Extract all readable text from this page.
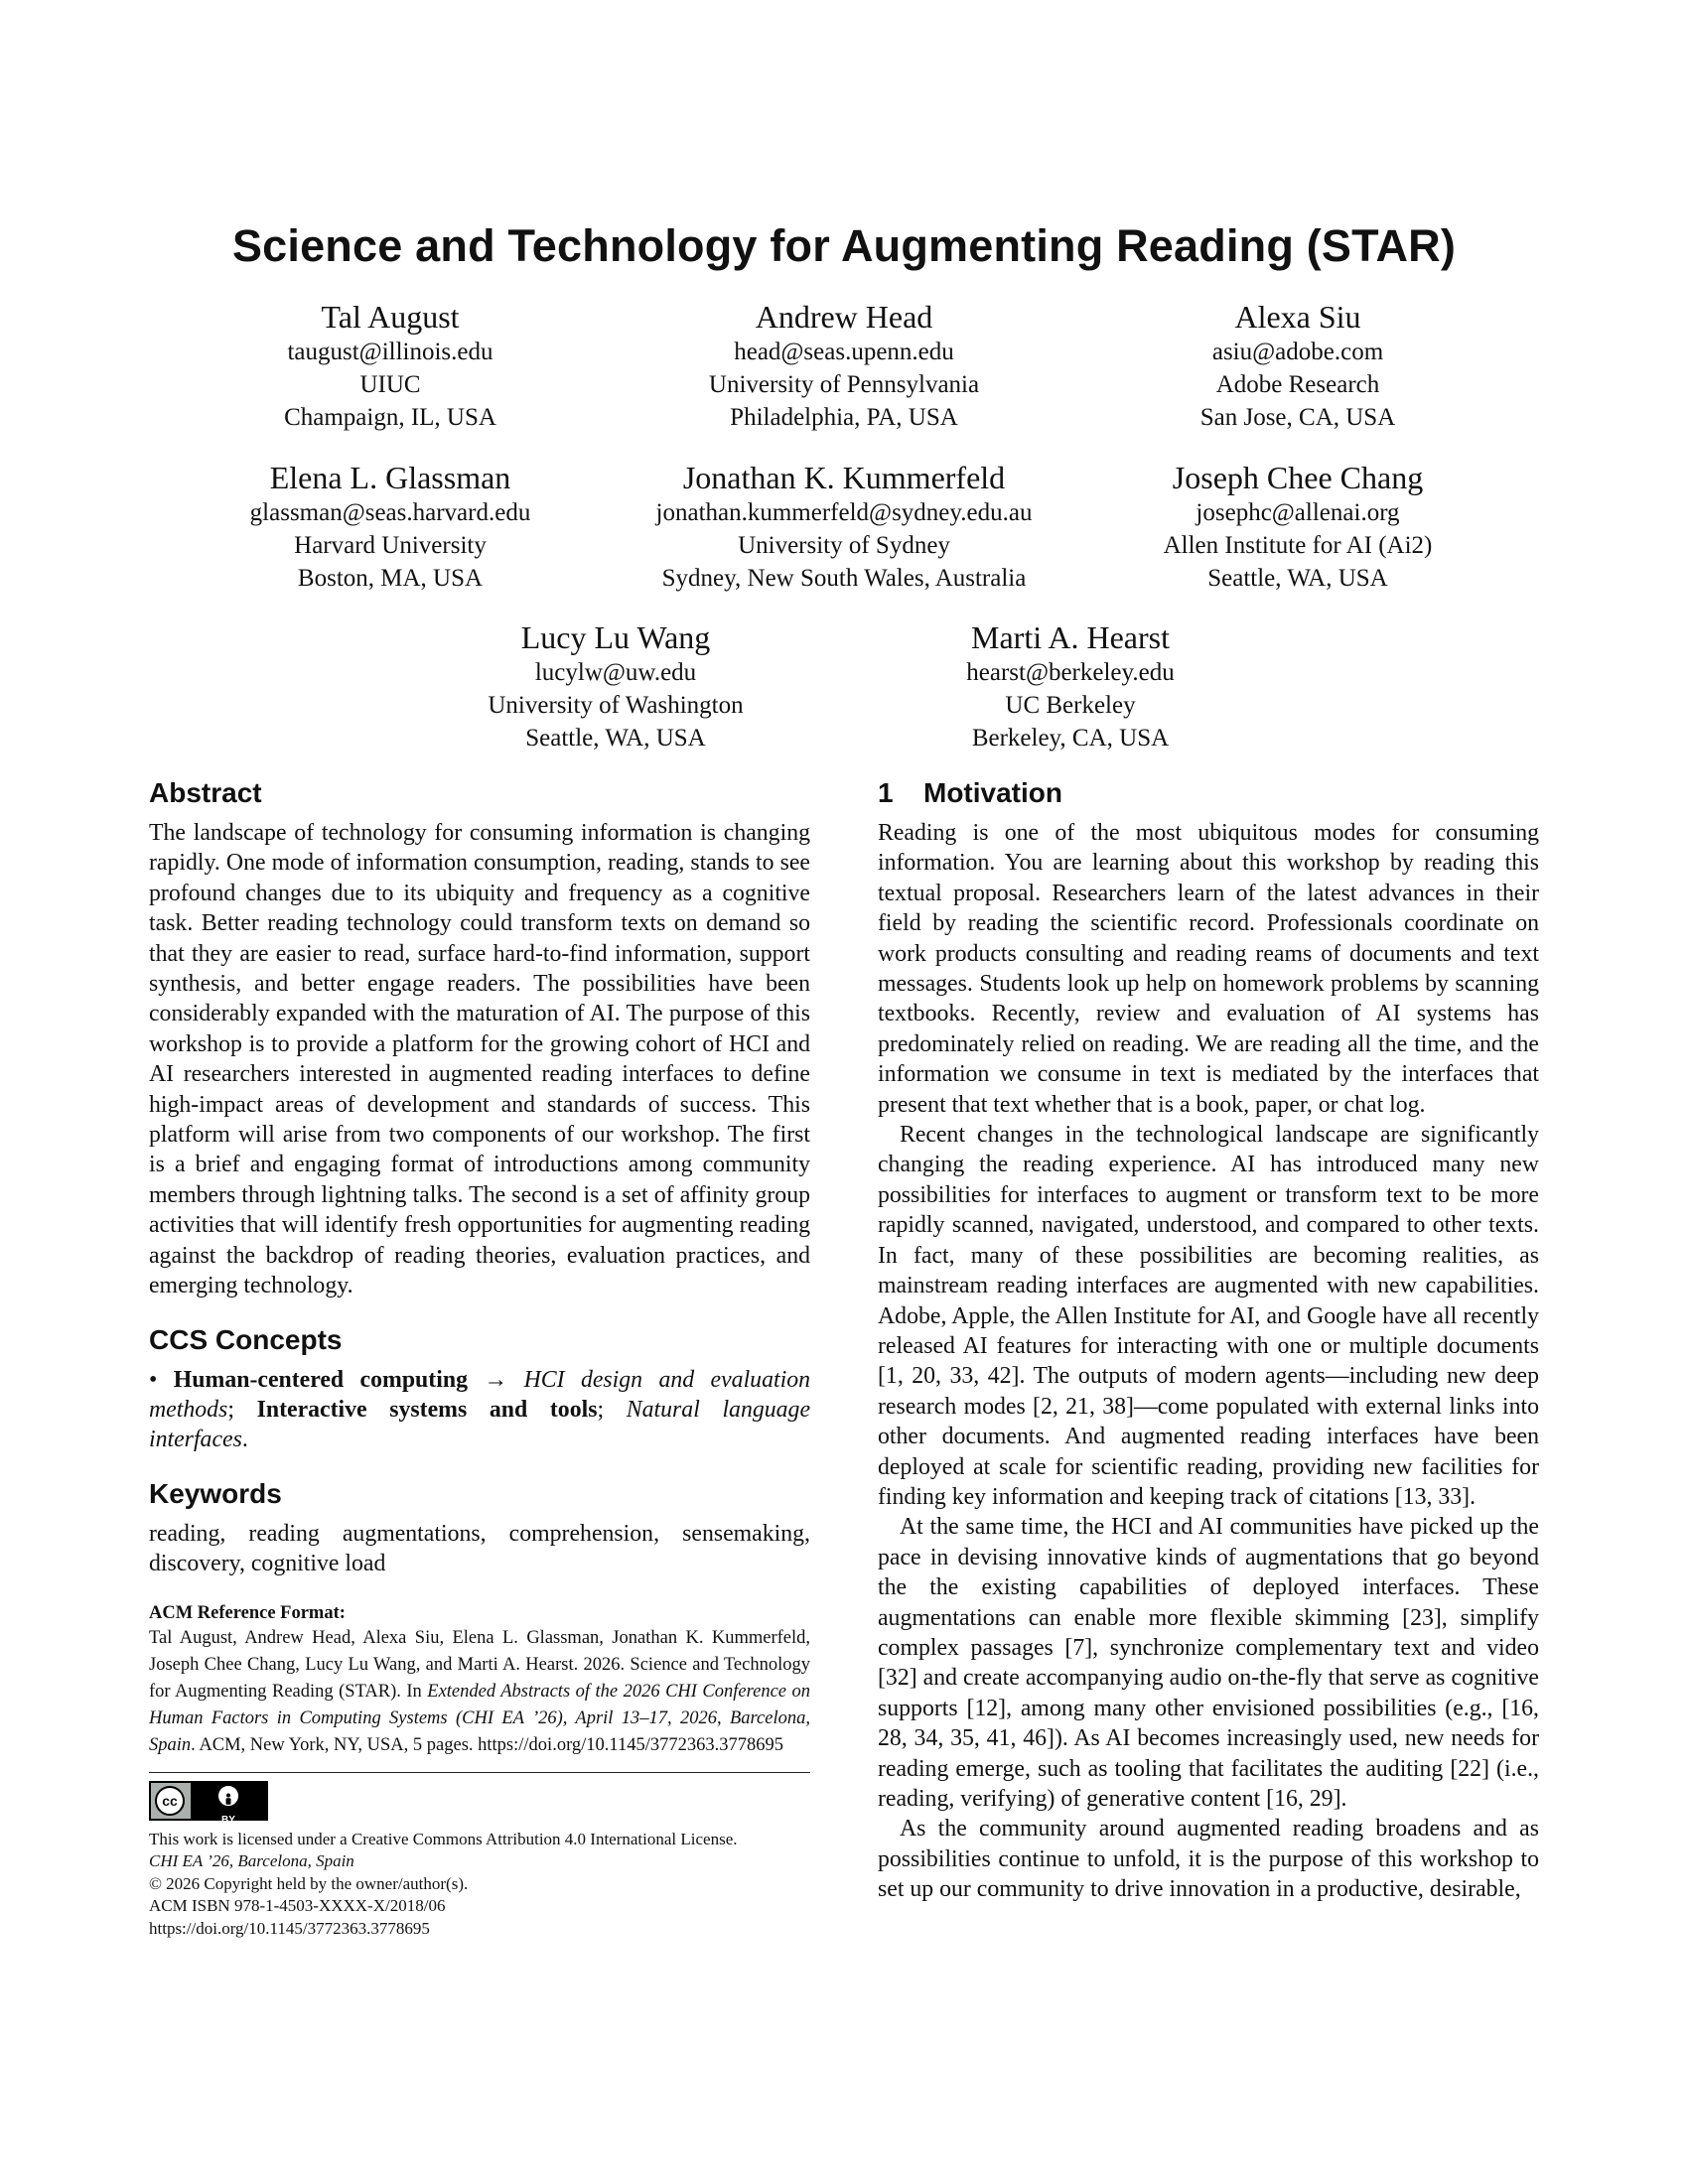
Science and Technology for Augmenting Reading (STAR)
Tal August
taugust@illinois.edu
UIUC
Champaign, IL, USA
Andrew Head
head@seas.upenn.edu
University of Pennsylvania
Philadelphia, PA, USA
Alexa Siu
asiu@adobe.com
Adobe Research
San Jose, CA, USA
Elena L. Glassman
glassman@seas.harvard.edu
Harvard University
Boston, MA, USA
Jonathan K. Kummerfeld
jonathan.kummerfeld@sydney.edu.au
University of Sydney
Sydney, New South Wales, Australia
Joseph Chee Chang
josephc@allenai.org
Allen Institute for AI (Ai2)
Seattle, WA, USA
Lucy Lu Wang
lucylw@uw.edu
University of Washington
Seattle, WA, USA
Marti A. Hearst
hearst@berkeley.edu
UC Berkeley
Berkeley, CA, USA
Abstract

The landscape of technology for consuming information is changing rapidly. One mode of information consumption, reading, stands to see profound changes due to its ubiquity and frequency as a cognitive task. Better reading technology could transform texts on demand so that they are easier to read, surface hard-to-find information, support synthesis, and better engage readers. The possibilities have been considerably expanded with the maturation of AI. The purpose of this workshop is to provide a platform for the growing cohort of HCI and AI researchers interested in augmented reading interfaces to define high-impact areas of development and standards of success. This platform will arise from two components of our workshop. The first is a brief and engaging format of introductions among community members through lightning talks. The second is a set of affinity group activities that will identify fresh opportunities for augmenting reading against the backdrop of reading theories, evaluation practices, and emerging technology.

CCS Concepts

• Human-centered computing → HCI design and evaluation methods; Interactive systems and tools; Natural language interfaces.

Keywords

reading, reading augmentations, comprehension, sensemaking, discovery, cognitive load

ACM Reference Format:

Tal August, Andrew Head, Alexa Siu, Elena L. Glassman, Jonathan K. Kummerfeld, Joseph Chee Chang, Lucy Lu Wang, and Marti A. Hearst. 2026. Science and Technology for Augmenting Reading (STAR). In Extended Abstracts of the 2026 CHI Conference on Human Factors in Computing Systems (CHI EA ’26), April 13–17, 2026, Barcelona, Spain. ACM, New York, NY, USA, 5 pages. https://doi.org/10.1145/3772363.3778695

cc
BY
This work is licensed under a Creative Commons Attribution 4.0 International License.
CHI EA ’26, Barcelona, Spain
© 2026 Copyright held by the owner/author(s).
ACM ISBN 978-1-4503-XXXX-X/2018/06
https://doi.org/10.1145/3772363.3778695
1 Motivation

Reading is one of the most ubiquitous modes for consuming information. You are learning about this workshop by reading this textual proposal. Researchers learn of the latest advances in their field by reading the scientific record. Professionals coordinate on work products consulting and reading reams of documents and text messages. Students look up help on homework problems by scanning textbooks. Recently, review and evaluation of AI systems has predominately relied on reading. We are reading all the time, and the information we consume in text is mediated by the interfaces that present that text whether that is a book, paper, or chat log.

Recent changes in the technological landscape are significantly changing the reading experience. AI has introduced many new possibilities for interfaces to augment or transform text to be more rapidly scanned, navigated, understood, and compared to other texts. In fact, many of these possibilities are becoming realities, as mainstream reading interfaces are augmented with new capabilities. Adobe, Apple, the Allen Institute for AI, and Google have all recently released AI features for interacting with one or multiple documents [1, 20, 33, 42]. The outputs of modern agents—including new deep research modes [2, 21, 38]—come populated with external links into other documents. And augmented reading interfaces have been deployed at scale for scientific reading, providing new facilities for finding key information and keeping track of citations [13, 33].

At the same time, the HCI and AI communities have picked up the pace in devising innovative kinds of augmentations that go beyond the the existing capabilities of deployed interfaces. These augmentations can enable more flexible skimming [23], simplify complex passages [7], synchronize complementary text and video [32] and create accompanying audio on-the-fly that serve as cognitive supports [12], among many other envisioned possibilities (e.g., [16, 28, 34, 35, 41, 46]). As AI becomes increasingly used, new needs for reading emerge, such as tooling that facilitates the auditing [22] (i.e., reading, verifying) of generative content [16, 29].

As the community around augmented reading broadens and as possibilities continue to unfold, it is the purpose of this workshop to set up our community to drive innovation in a productive, desirable,
